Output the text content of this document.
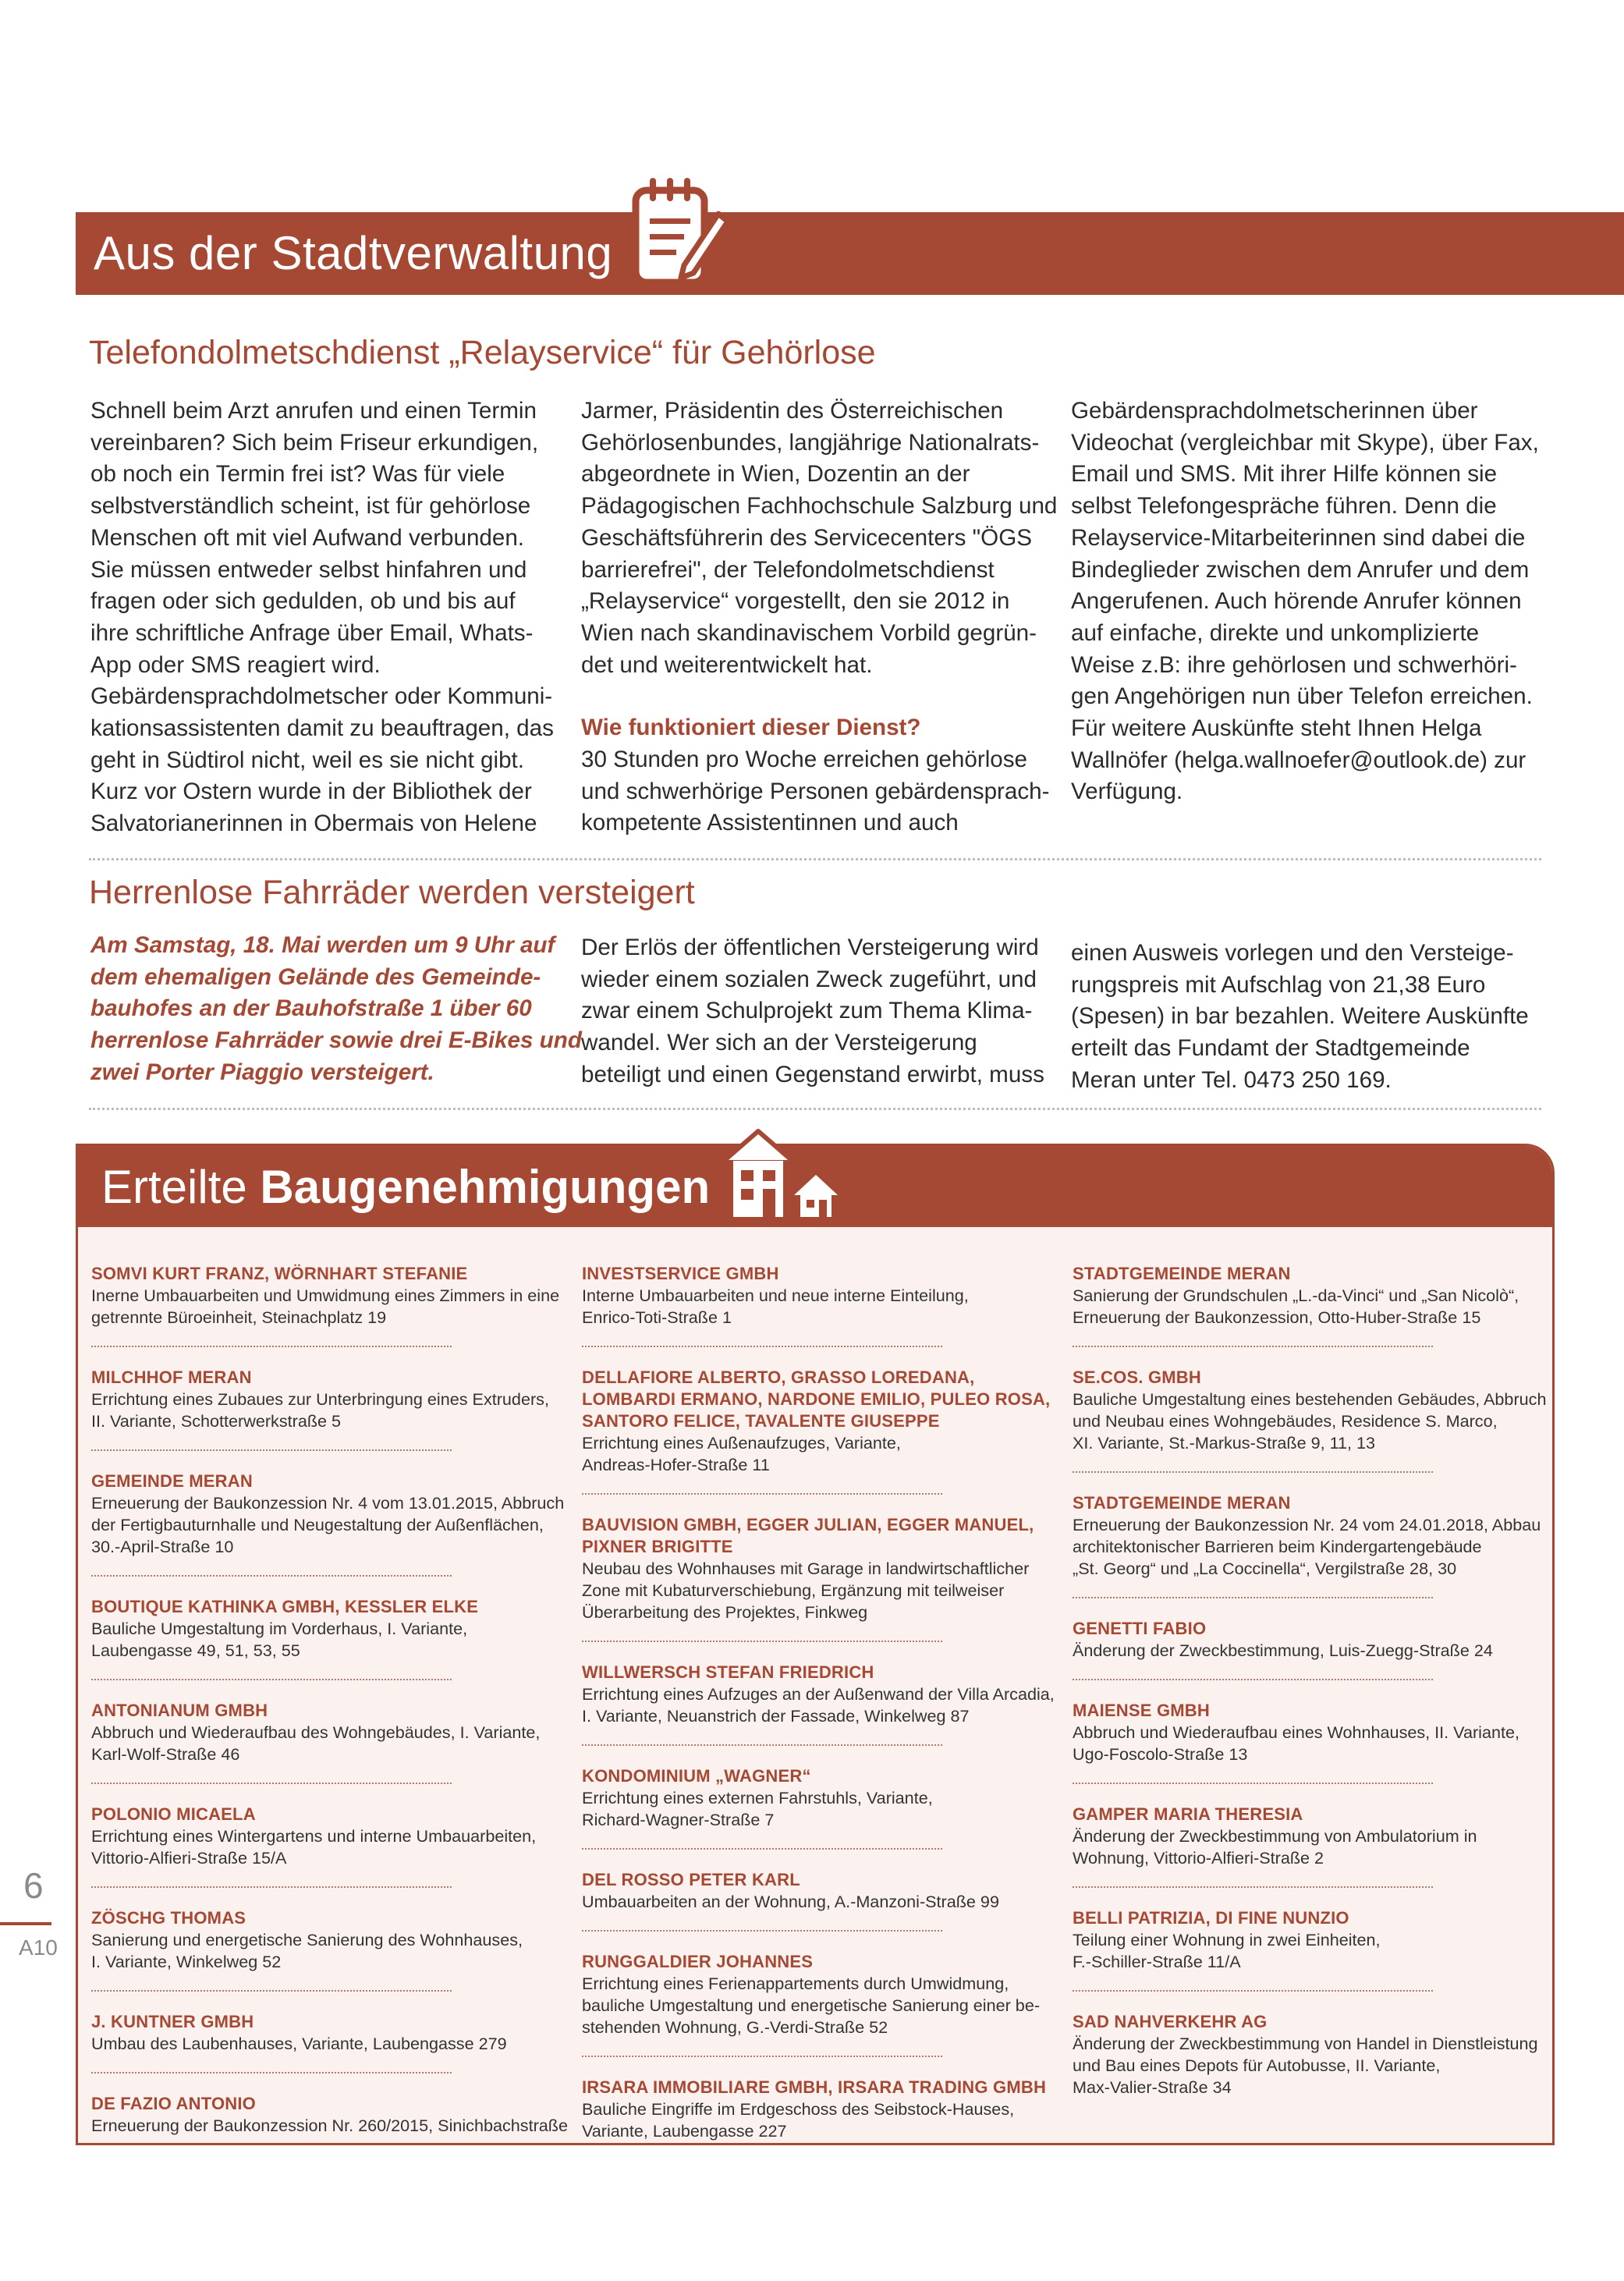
Aus der Stadtverwaltung
Telefondolmetschdienst „Relayservice“ für Gehörlose

Schnell beim Arzt anrufen und einen Termin

vereinbaren? Sich beim Friseur erkundigen,

ob noch ein Termin frei ist? Was für viele

selbstverständlich scheint, ist für gehörlose

Menschen oft mit viel Aufwand verbunden.

Sie müssen entweder selbst hinfahren und

fragen oder sich gedulden, ob und bis auf

ihre schriftliche Anfrage über Email, Whats-

App oder SMS reagiert wird.

Gebärdensprachdolmetscher oder Kommuni-

kationsassistenten damit zu beauftragen, das

geht in Südtirol nicht, weil es sie nicht gibt.

Kurz vor Ostern wurde in der Bibliothek der

Salvatorianerinnen in Obermais von Helene

Jarmer, Präsidentin des Österreichischen

Gehörlosenbundes, langjährige Nationalrats-

abgeordnete in Wien, Dozentin an der

Pädagogischen Fachhochschule Salzburg und

Geschäftsführerin des Servicecenters "ÖGS

barrierefrei", der Telefondolmetschdienst

„Relayservice“ vorgestellt, den sie 2012 in

Wien nach skandinavischem Vorbild gegrün-

det und weiterentwickelt hat.

Wie funktioniert dieser Dienst?

30 Stunden pro Woche erreichen gehörlose

und schwerhörige Personen gebärdensprach-

kompetente Assistentinnen und auch

Gebärdensprachdolmetscherinnen über

Videochat (vergleichbar mit Skype), über Fax,

Email und SMS. Mit ihrer Hilfe können sie

selbst Telefongespräche führen. Denn die

Relayservice-Mitarbeiterinnen sind dabei die

Bindeglieder zwischen dem Anrufer und dem

Angerufenen. Auch hörende Anrufer können

auf einfache, direkte und unkomplizierte

Weise z.B: ihre gehörlosen und schwerhöri-

gen Angehörigen nun über Telefon erreichen.

Für weitere Auskünfte steht Ihnen Helga

Wallnöfer (helga.wallnoefer@outlook.de) zur

Verfügung.

Herrenlose Fahrräder werden versteigert

Am Samstag, 18. Mai werden um 9 Uhr auf

dem ehemaligen Gelände des Gemeinde-

bauhofes an der Bauhofstraße 1 über 60

herrenlose Fahrräder sowie drei E-Bikes und

zwei Porter Piaggio versteigert.

Der Erlös der öffentlichen Versteigerung wird

wieder einem sozialen Zweck zugeführt, und

zwar einem Schulprojekt zum Thema Klima-

wandel. Wer sich an der Versteigerung

beteiligt und einen Gegenstand erwirbt, muss

einen Ausweis vorlegen und den Versteige-

rungspreis mit Aufschlag von 21,38 Euro

(Spesen) in bar bezahlen. Weitere Auskünfte

erteilt das Fundamt der Stadtgemeinde

Meran unter Tel. 0473 250 169.

Erteilte Baugenehmigungen
SOMVI KURT FRANZ, WÖRNHART STEFANIE
Inerne Umbauarbeiten und Umwidmung eines Zimmers in eine
getrennte Büroeinheit, Steinachplatz 19
MILCHHOF MERAN
Errichtung eines Zubaues zur Unterbringung eines Extruders,
II. Variante, Schotterwerkstraße 5
GEMEINDE MERAN
Erneuerung der Baukonzession Nr. 4 vom 13.01.2015, Abbruch
der Fertigbauturnhalle und Neugestaltung der Außenflächen,
30.-April-Straße 10
BOUTIQUE KATHINKA GMBH, KESSLER ELKE
Bauliche Umgestaltung im Vorderhaus, I. Variante,
Laubengasse 49, 51, 53, 55
ANTONIANUM GMBH
Abbruch und Wiederaufbau des Wohngebäudes, I. Variante,
Karl-Wolf-Straße 46
POLONIO MICAELA
Errichtung eines Wintergartens und interne Umbauarbeiten,
Vittorio-Alfieri-Straße 15/A
ZÖSCHG THOMAS
Sanierung und energetische Sanierung des Wohnhauses,
I. Variante, Winkelweg 52
J. KUNTNER GMBH
Umbau des Laubenhauses, Variante, Laubengasse 279
DE FAZIO ANTONIO
Erneuerung der Baukonzession Nr. 260/2015, Sinichbachstraße
INVESTSERVICE GMBH
Interne Umbauarbeiten und neue interne Einteilung,
Enrico-Toti-Straße 1
DELLAFIORE ALBERTO, GRASSO LOREDANA, LOMBARDI ERMANO, NARDONE EMILIO, PULEO ROSA, SANTORO FELICE, TAVALENTE GIUSEPPE
Errichtung eines Außenaufzuges, Variante,
Andreas-Hofer-Straße 11
BAUVISION GMBH, EGGER JULIAN, EGGER MANUEL, PIXNER BRIGITTE
Neubau des Wohnhauses mit Garage in landwirtschaftlicher
Zone mit Kubaturverschiebung, Ergänzung mit teilweiser
Überarbeitung des Projektes, Finkweg
WILLWERSCH STEFAN FRIEDRICH
Errichtung eines Aufzuges an der Außenwand der Villa Arcadia,
I. Variante, Neuanstrich der Fassade, Winkelweg 87
KONDOMINIUM „WAGNER“
Errichtung eines externen Fahrstuhls, Variante,
Richard-Wagner-Straße 7
DEL ROSSO PETER KARL
Umbauarbeiten an der Wohnung, A.-Manzoni-Straße 99
RUNGGALDIER JOHANNES
Errichtung eines Ferienappartements durch Umwidmung,
bauliche Umgestaltung und energetische Sanierung einer be-
stehenden Wohnung, G.-Verdi-Straße 52
IRSARA IMMOBILIARE GMBH, IRSARA TRADING GMBH
Bauliche Eingriffe im Erdgeschoss des Seibstock-Hauses,
Variante, Laubengasse 227
STADTGEMEINDE MERAN
Sanierung der Grundschulen „L.-da-Vinci“ und „San Nicolò“,
Erneuerung der Baukonzession, Otto-Huber-Straße 15
SE.COS. GMBH
Bauliche Umgestaltung eines bestehenden Gebäudes, Abbruch
und Neubau eines Wohngebäudes, Residence S. Marco,
XI. Variante, St.-Markus-Straße 9, 11, 13
STADTGEMEINDE MERAN
Erneuerung der Baukonzession Nr. 24 vom 24.01.2018, Abbau
architektonischer Barrieren beim Kindergartengebäude
„St. Georg“ und „La Coccinella“, Vergilstraße 28, 30
GENETTI FABIO
Änderung der Zweckbestimmung, Luis-Zuegg-Straße 24
MAIENSE GMBH
Abbruch und Wiederaufbau eines Wohnhauses, II. Variante,
Ugo-Foscolo-Straße 13
GAMPER MARIA THERESIA
Änderung der Zweckbestimmung von Ambulatorium in
Wohnung, Vittorio-Alfieri-Straße 2
BELLI PATRIZIA, DI FINE NUNZIO
Teilung einer Wohnung in zwei Einheiten,
F.-Schiller-Straße 11/A
SAD NAHVERKEHR AG
Änderung der Zweckbestimmung von Handel in Dienstleistung
und Bau eines Depots für Autobusse, II. Variante,
Max-Valier-Straße 34
6
A10
